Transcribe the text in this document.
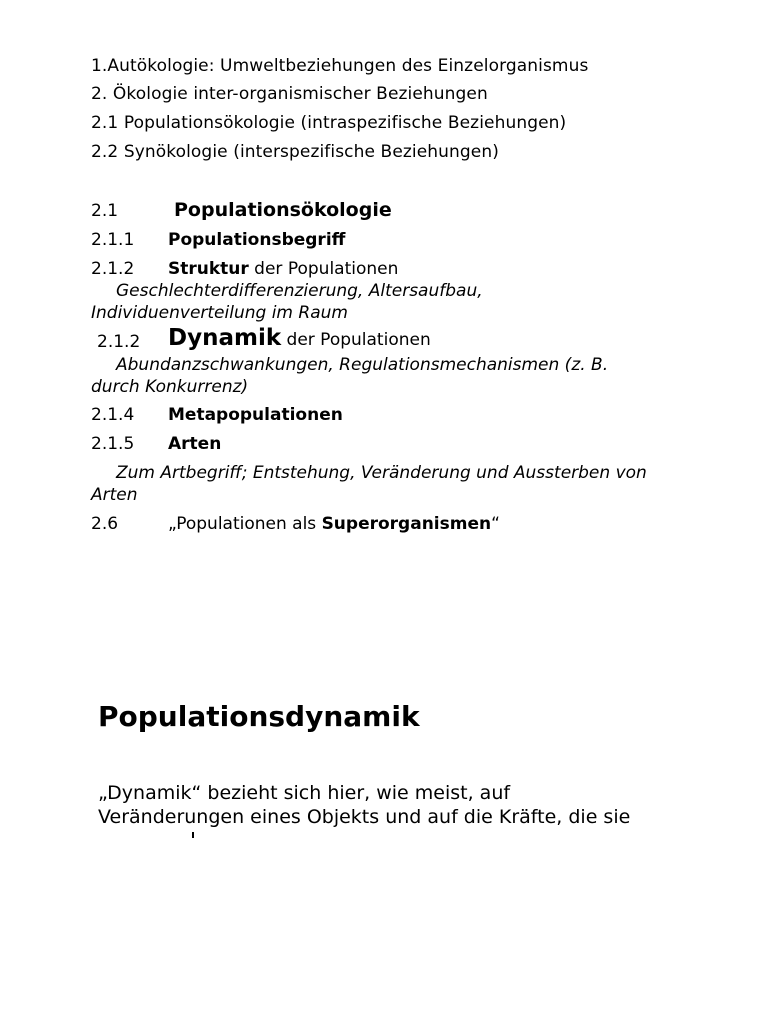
1.Autökologie: Umweltbeziehungen des Einzelorganismus
2. Ökologie inter-organismischer Beziehungen
2.1 Populationsökologie (intraspezifische Beziehungen)
2.2 Synökologie (interspezifische Beziehungen)
2.1	Populationsökologie
2.1.1 Populationsbegriff
2.1.2 Struktur der Populationen
Geschlechterdifferenzierung, Altersaufbau,
Individuenverteilung im Raum
2.1.2 Dynamik der Populationen
Abundanzschwankungen, Regulationsmechanismen (z. B.
durch Konkurrenz)
2.1.4 Metapopulationen
2.1.5 Arten
Zum Artbegriff; Entstehung, Veränderung und Aussterben von
Arten
2.6	„Populationen als Superorganismen“
Populationsdynamik
„Dynamik“ bezieht sich hier, wie meist, auf
Veränderungen eines Objekts und auf die Kräfte, die sie
